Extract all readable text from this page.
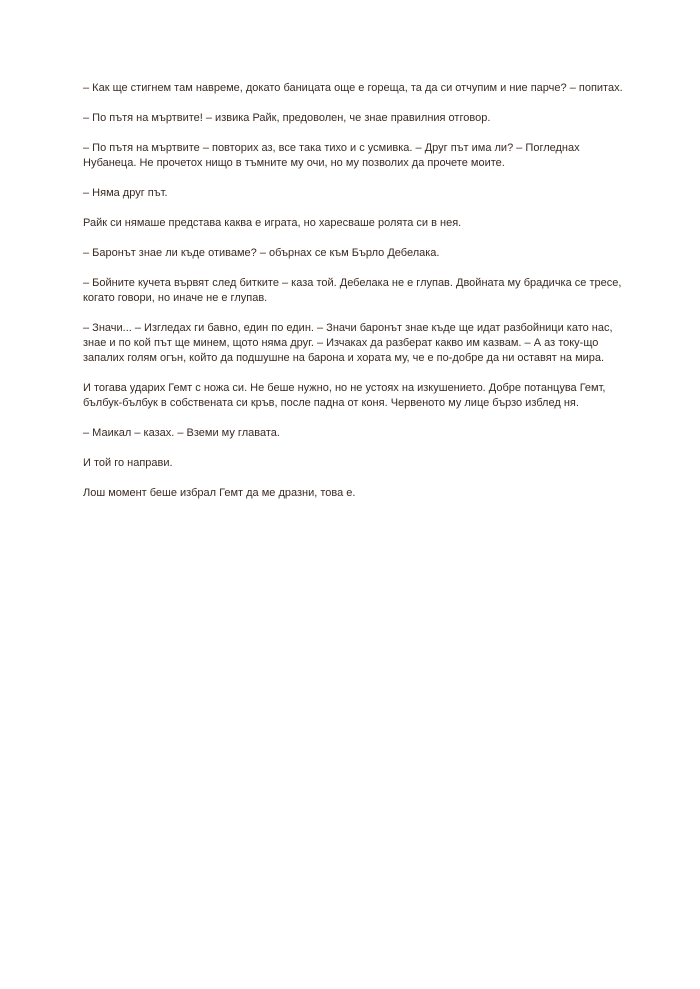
– Как ще стигнем там навреме, докато баницата още е гореща, та да си отчупим и ние парче? – попитах.

– По пътя на мъртвите! – извика Райк, предоволен, че знае правилния отговор.

– По пътя на мъртвите – повторих аз, все така тихо и с усмивка. – Друг път има ли? – Погледнах Нубанеца. Не прочетох нищо в тъмните му очи, но му позволих да прочете моите.

– Няма друг път.

Райк си нямаше представа каква е играта, но харесваше ролята си в нея.

– Баронът знае ли къде отиваме? – обърнах се към Бърло Дебелака.

– Бойните кучета вървят след битките – каза той. Дебелака не е глупав. Двойната му брадичка се тресе, когато говори, но иначе не е глупав.

– Значи... – Изгледах ги бавно, един по един. – Значи баронът знае къде ще идат разбойници като нас, знае и по кой път ще минем, щото няма друг. – Изчаках да разберат какво им казвам. – А аз току-що запалих голям огън, който да подшушне на барона и хората му, че е по-добре да ни оставят на мира.

И тогава ударих Гемт с ножа си. Не беше нужно, но не устоях на изкушението. Добре потанцува Гемт, бълбук-бълбук в собствената си кръв, после падна от коня. Червеното му лице бързо изблед ня.

– Маикал – казах. – Вземи му главата.

И той го направи.

Лош момент беше избрал Гемт да ме дразни, това е.
